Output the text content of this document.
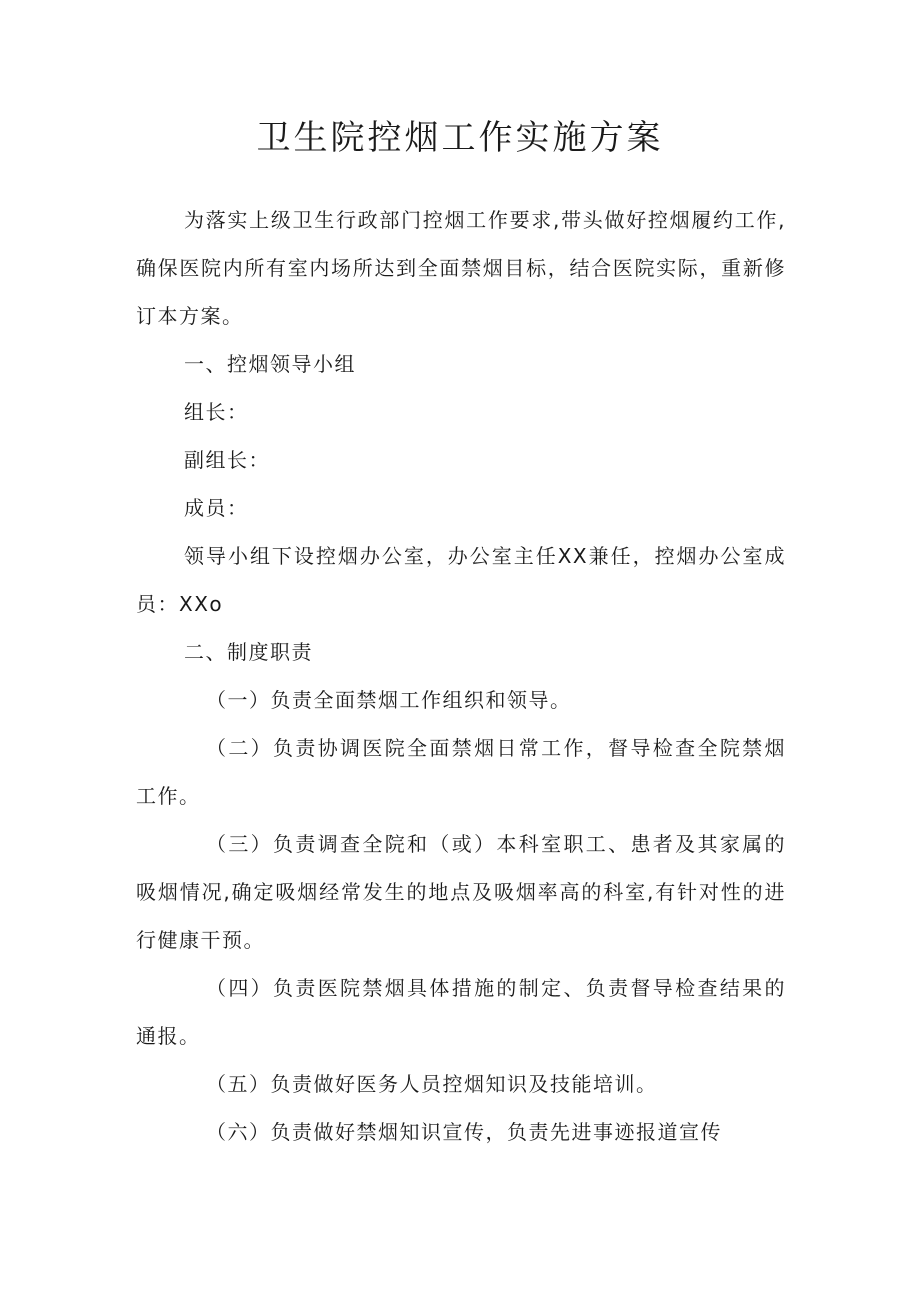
卫生院控烟工作实施方案

为落实上级卫生行政部门控烟工作要求,带头做好控烟履约工作,确保医院内所有室内场所达到全面禁烟目标，结合医院实际，重新修订本方案。

一、控烟领导小组

组长：

副组长：

成员：

领导小组下设控烟办公室，办公室主任XX兼任，控烟办公室成员：XXo

二、制度职责

（一）负责全面禁烟工作组织和领导。

（二）负责协调医院全面禁烟日常工作，督导检查全院禁烟工作。

（三）负责调查全院和（或）本科室职工、患者及其家属的吸烟情况,确定吸烟经常发生的地点及吸烟率高的科室,有针对性的进行健康干预。

（四）负责医院禁烟具体措施的制定、负责督导检查结果的通报。

（五）负责做好医务人员控烟知识及技能培训。

（六）负责做好禁烟知识宣传，负责先进事迹报道宣传
